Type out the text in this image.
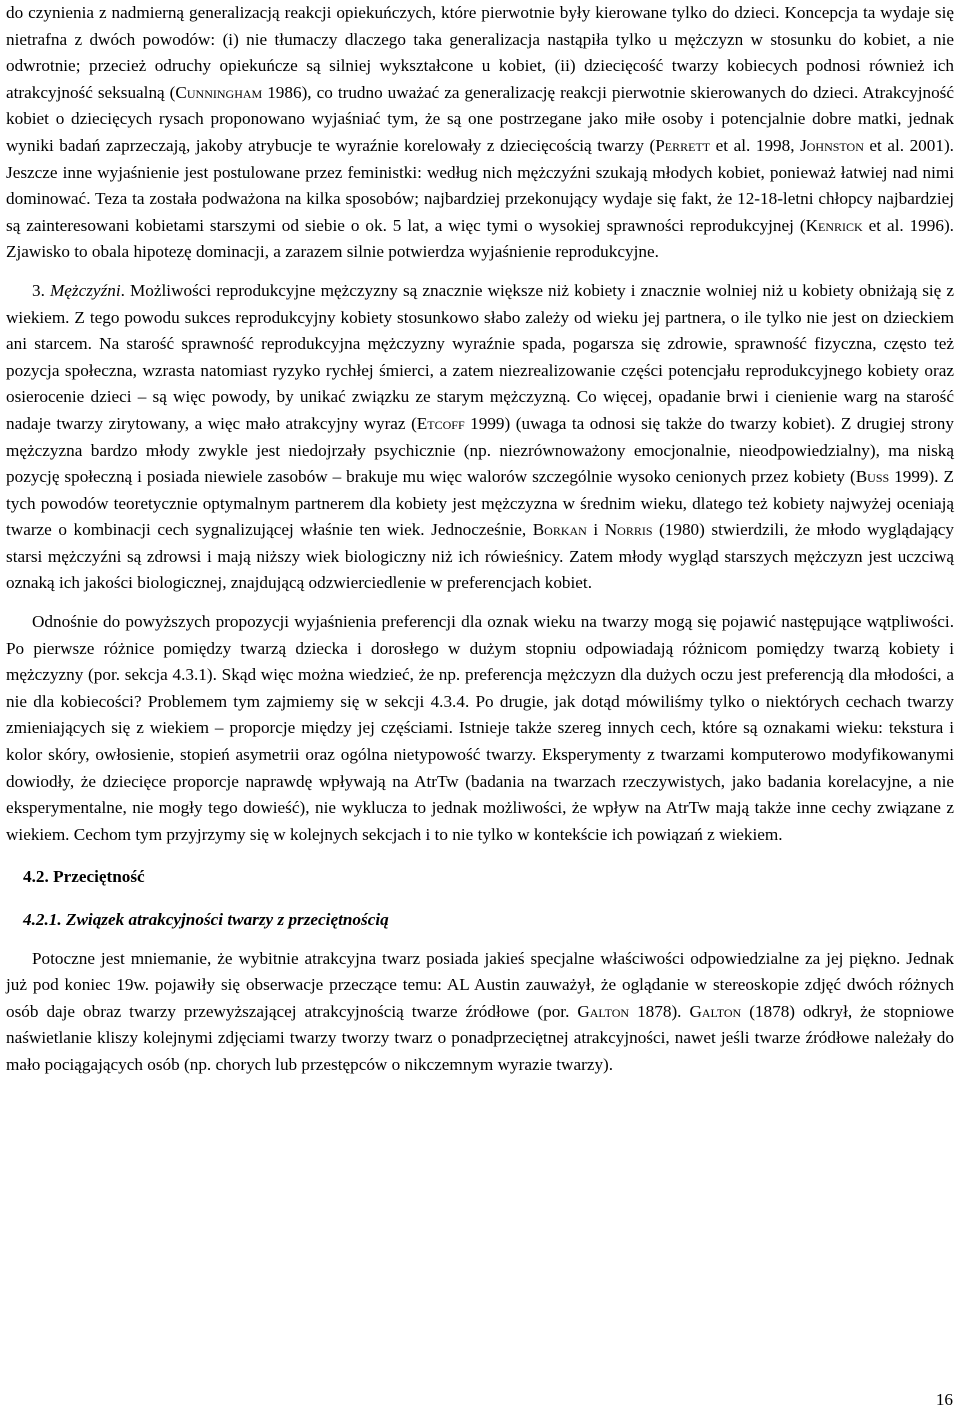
do czynienia z nadmierną generalizacją reakcji opiekuńczych, które pierwotnie były kierowane tylko do dzieci. Koncepcja ta wydaje się nietrafna z dwóch powodów: (i) nie tłumaczy dlaczego taka generalizacja nastąpiła tylko u mężczyzn w stosunku do kobiet, a nie odwrotnie; przecież odruchy opiekuńcze są silniej wykształcone u kobiet, (ii) dziecięcość twarzy kobiecych podnosi również ich atrakcyjność seksualną (Cunningham 1986), co trudno uważać za generalizację reakcji pierwotnie skierowanych do dzieci. Atrakcyjność kobiet o dziecięcych rysach proponowano wyjaśniać tym, że są one postrzegane jako miłe osoby i potencjalnie dobre matki, jednak wyniki badań zaprzeczają, jakoby atrybucje te wyraźnie korelowały z dziecięcością twarzy (Perrett et al. 1998, Johnston et al. 2001). Jeszcze inne wyjaśnienie jest postulowane przez feministki: według nich mężczyźni szukają młodych kobiet, ponieważ łatwiej nad nimi dominować. Teza ta została podważona na kilka sposobów; najbardziej przekonujący wydaje się fakt, że 12-18-letni chłopcy najbardziej są zainteresowani kobietami starszymi od siebie o ok. 5 lat, a więc tymi o wysokiej sprawności reprodukcyjnej (Kenrick et al. 1996). Zjawisko to obala hipotezę dominacji, a zarazem silnie potwierdza wyjaśnienie reprodukcyjne.

3. Mężczyźni. Możliwości reprodukcyjne mężczyzny są znacznie większe niż kobiety i znacznie wolniej niż u kobiety obniżają się z wiekiem. Z tego powodu sukces reprodukcyjny kobiety stosunkowo słabo zależy od wieku jej partnera, o ile tylko nie jest on dzieckiem ani starcem. Na starość sprawność reprodukcyjna mężczyzny wyraźnie spada, pogarsza się zdrowie, sprawność fizyczna, często też pozycja społeczna, wzrasta natomiast ryzyko rychłej śmierci, a zatem niezrealizowanie części potencjału reprodukcyjnego kobiety oraz osierocenie dzieci – są więc powody, by unikać związku ze starym mężczyzną. Co więcej, opadanie brwi i cienienie warg na starość nadaje twarzy zirytowany, a więc mało atrakcyjny wyraz (Etcoff 1999) (uwaga ta odnosi się także do twarzy kobiet). Z drugiej strony mężczyzna bardzo młody zwykle jest niedojrzały psychicznie (np. niezrównoważony emocjonalnie, nieodpowiedzialny), ma niską pozycję społeczną i posiada niewiele zasobów – brakuje mu więc walorów szczególnie wysoko cenionych przez kobiety (Buss 1999). Z tych powodów teoretycznie optymalnym partnerem dla kobiety jest mężczyzna w średnim wieku, dlatego też kobiety najwyżej oceniają twarze o kombinacji cech sygnalizującej właśnie ten wiek. Jednocześnie, Borkan i Norris (1980) stwierdzili, że młodo wyglądający starsi mężczyźni są zdrowsi i mają niższy wiek biologiczny niż ich rówieśnicy. Zatem młody wygląd starszych mężczyzn jest uczciwą oznaką ich jakości biologicznej, znajdującą odzwierciedlenie w preferencjach kobiet.

Odnośnie do powyższych propozycji wyjaśnienia preferencji dla oznak wieku na twarzy mogą się pojawić następujące wątpliwości. Po pierwsze różnice pomiędzy twarzą dziecka i dorosłego w dużym stopniu odpowiadają różnicom pomiędzy twarzą kobiety i mężczyzny (por. sekcja 4.3.1). Skąd więc można wiedzieć, że np. preferencja mężczyzn dla dużych oczu jest preferencją dla młodości, a nie dla kobiecości? Problemem tym zajmiemy się w sekcji 4.3.4. Po drugie, jak dotąd mówiliśmy tylko o niektórych cechach twarzy zmieniających się z wiekiem – proporcje między jej częściami. Istnieje także szereg innych cech, które są oznakami wieku: tekstura i kolor skóry, owłosienie, stopień asymetrii oraz ogólna nietypowość twarzy. Eksperymenty z twarzami komputerowo modyfikowanymi dowiodły, że dziecięce proporcje naprawdę wpływają na AtrTw (badania na twarzach rzeczywistych, jako badania korelacyjne, a nie eksperymentalne, nie mogły tego dowieść), nie wyklucza to jednak możliwości, że wpływ na AtrTw mają także inne cechy związane z wiekiem. Cechom tym przyjrzymy się w kolejnych sekcjach i to nie tylko w kontekście ich powiązań z wiekiem.

4.2. Przeciętność
4.2.1. Związek atrakcyjności twarzy z przeciętnością

Potoczne jest mniemanie, że wybitnie atrakcyjna twarz posiada jakieś specjalne właściwości odpowiedzialne za jej piękno. Jednak już pod koniec 19w. pojawiły się obserwacje przeczące temu: AL Austin zauważył, że oglądanie w stereoskopie zdjęć dwóch różnych osób daje obraz twarzy przewyższającej atrakcyjnością twarze źródłowe (por. Galton 1878). Galton (1878) odkrył, że stopniowe naświetlanie kliszy kolejnymi zdjęciami twarzy tworzy twarz o ponadprzeciętnej atrakcyjności, nawet jeśli twarze źródłowe należały do mało pociągających osób (np. chorych lub przestępców o nikczemnym wyrazie twarzy).

16
